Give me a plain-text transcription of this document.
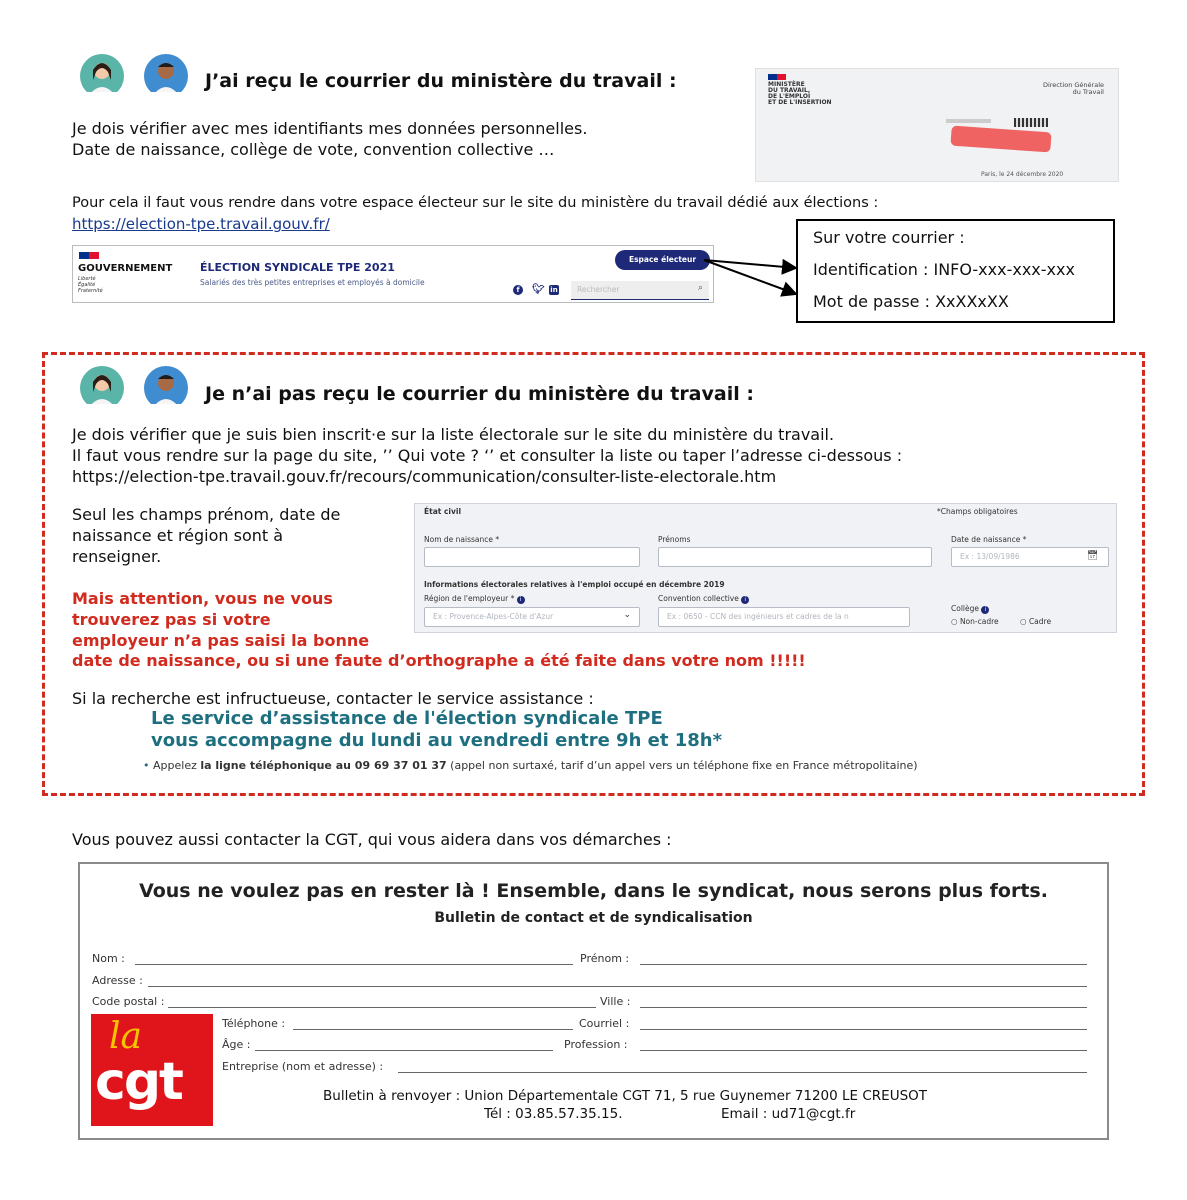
J’ai reçu le courrier du ministère du travail :
Je dois vérifier avec mes identifiants mes données personnelles.
Date de naissance, collège de vote, convention collective …
MINISTÈRE
DU TRAVAIL,
DE L'EMPLOI
ET DE L'INSERTION
Direction Générale
du Travail
Paris, le 24 décembre 2020
Pour cela il faut vous rendre dans votre espace électeur sur le site du ministère du travail dédié aux élections :
https://election-tpe.travail.gouv.fr/
GOUVERNEMENT
Liberté
Égalité
Fraternité
ÉLECTION SYNDICALE TPE 2021
Salariés des très petites entreprises et employés à domicile
Espace électeur
f	🐦︎ in	Rechercher	⌕
Sur votre courrier :
Identification : INFO-xxx-xxx-xxx
Mot de passe : XxXXxXX
Je n’ai pas reçu le courrier du ministère du travail :
Je dois vérifier que je suis bien inscrit·e sur la liste électorale sur le site du ministère du travail.
Il faut vous rendre sur la page du site, ’’ Qui vote ? ‘’ et consulter la liste ou taper l’adresse ci-dessous :
https://election-tpe.travail.gouv.fr/recours/communication/consulter-liste-electorale.htm
Seul les champs prénom, date de
naissance et région sont à
renseigner.
Mais attention, vous ne vous
trouverez pas si votre
employeur n’a pas saisi la bonne
date de naissance, ou si une faute d’orthographe a été faite dans votre nom !!!!!
État civil	*Champs obligatoires
Nom de naissance *	Prénoms	Date de naissance *
Ex : 13/09/1986	📅︎
Informations électorales relatives à l'emploi occupé en décembre 2019
Région de l'employeur * i
Ex : Provence-Alpes-Côte d'Azur	⌄
Convention collective i
Ex : 0650 - CCN des ingénieurs et cadres de la n
Collège i
○ Non-cadre	○ Cadre
Si la recherche est infructueuse, contacter le service assistance :
Le service d’assistance de l'élection syndicale TPE
vous accompagne du lundi au vendredi entre 9h et 18h*
• Appelez la ligne téléphonique au 09 69 37 01 37 (appel non surtaxé, tarif d’un appel vers un téléphone fixe en France métropolitaine)
Vous pouvez aussi contacter la CGT, qui vous aidera dans vos démarches :
Vous ne voulez pas en rester là ! Ensemble, dans le syndicat, nous serons plus forts.
Bulletin de contact et de syndicalisation
Nom :	Prénom :
Adresse :
Code postal :	Ville :
Téléphone :	Courriel :
Âge :	Profession :
Entreprise (nom et adresse) :
la
cgt	Bulletin à renvoyer : Union Départementale CGT 71, 5 rue Guynemer 71200 LE CREUSOT
Tél : 03.85.57.35.15.	Email : ud71@cgt.fr
